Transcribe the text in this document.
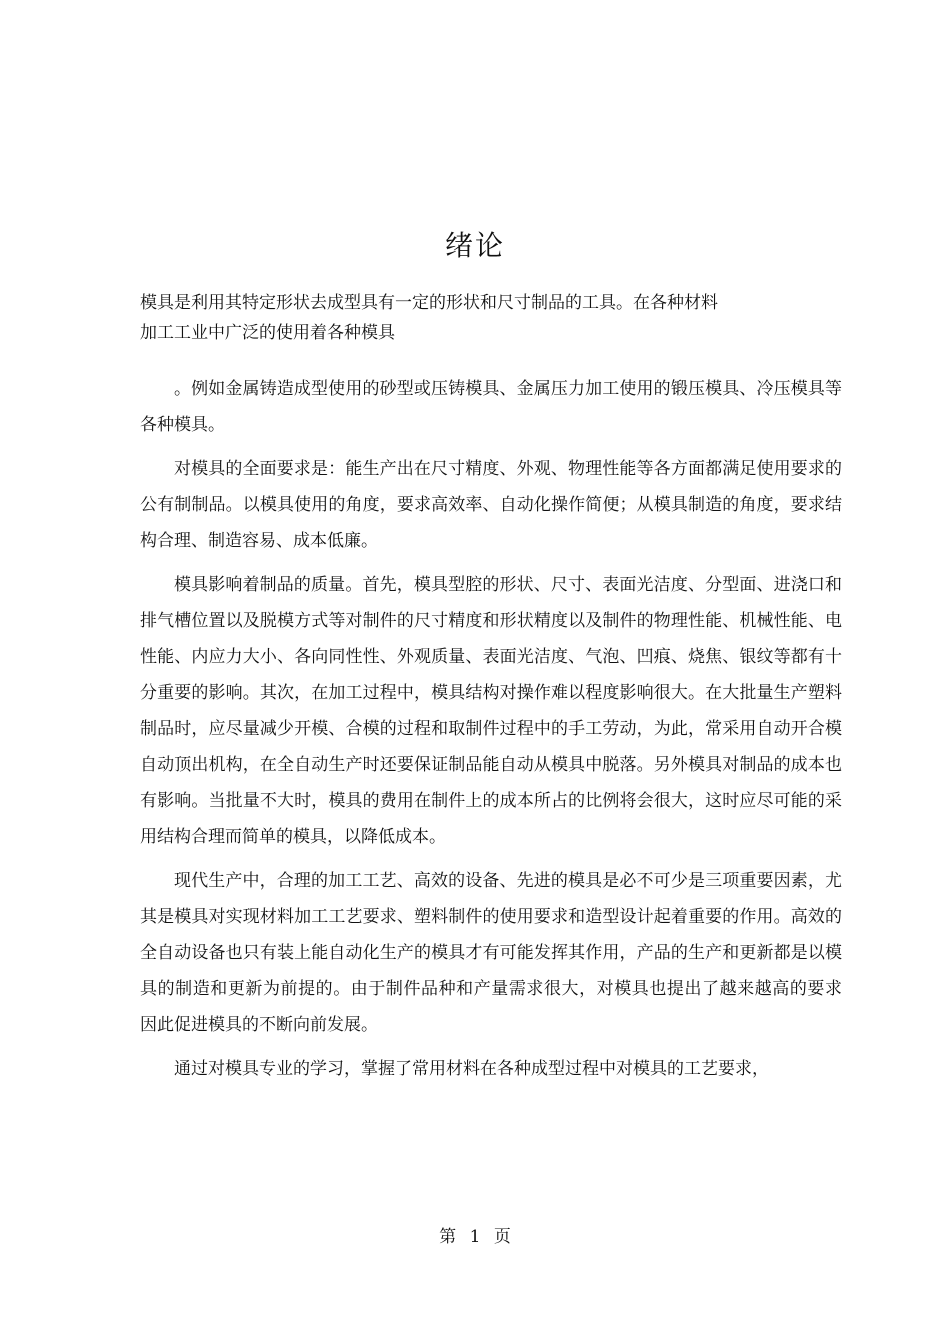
绪论
模具是利用其特定形状去成型具有一定的形状和尺寸制品的工具。在各种材料
加工工业中广泛的使用着各种模具

。例如金属铸造成型使用的砂型或压铸模具、金属压力加工使用的锻压模具、冷压模具等各种模具。

对模具的全面要求是：能生产出在尺寸精度、外观、物理性能等各方面都满足使用要求的公有制制品。以模具使用的角度，要求高效率、自动化操作简便；从模具制造的角度，要求结构合理、制造容易、成本低廉。

模具影响着制品的质量。首先，模具型腔的形状、尺寸、表面光洁度、分型面、进浇口和排气槽位置以及脱模方式等对制件的尺寸精度和形状精度以及制件的物理性能、机械性能、电性能、内应力大小、各向同性性、外观质量、表面光洁度、气泡、凹痕、烧焦、银纹等都有十分重要的影响。其次，在加工过程中，模具结构对操作难以程度影响很大。在大批量生产塑料制品时，应尽量减少开模、合模的过程和取制件过程中的手工劳动，为此，常采用自动开合模自动顶出机构，在全自动生产时还要保证制品能自动从模具中脱落。另外模具对制品的成本也有影响。当批量不大时，模具的费用在制件上的成本所占的比例将会很大，这时应尽可能的采用结构合理而简单的模具，以降低成本。

现代生产中，合理的加工工艺、高效的设备、先进的模具是必不可少是三项重要因素，尤其是模具对实现材料加工工艺要求、塑料制件的使用要求和造型设计起着重要的作用。高效的全自动设备也只有装上能自动化生产的模具才有可能发挥其作用，产品的生产和更新都是以模具的制造和更新为前提的。由于制件品种和产量需求很大，对模具也提出了越来越高的要求 因此促进模具的不断向前发展。

通过对模具专业的学习，掌握了常用材料在各种成型过程中对模具的工艺要求，

第 1 页
